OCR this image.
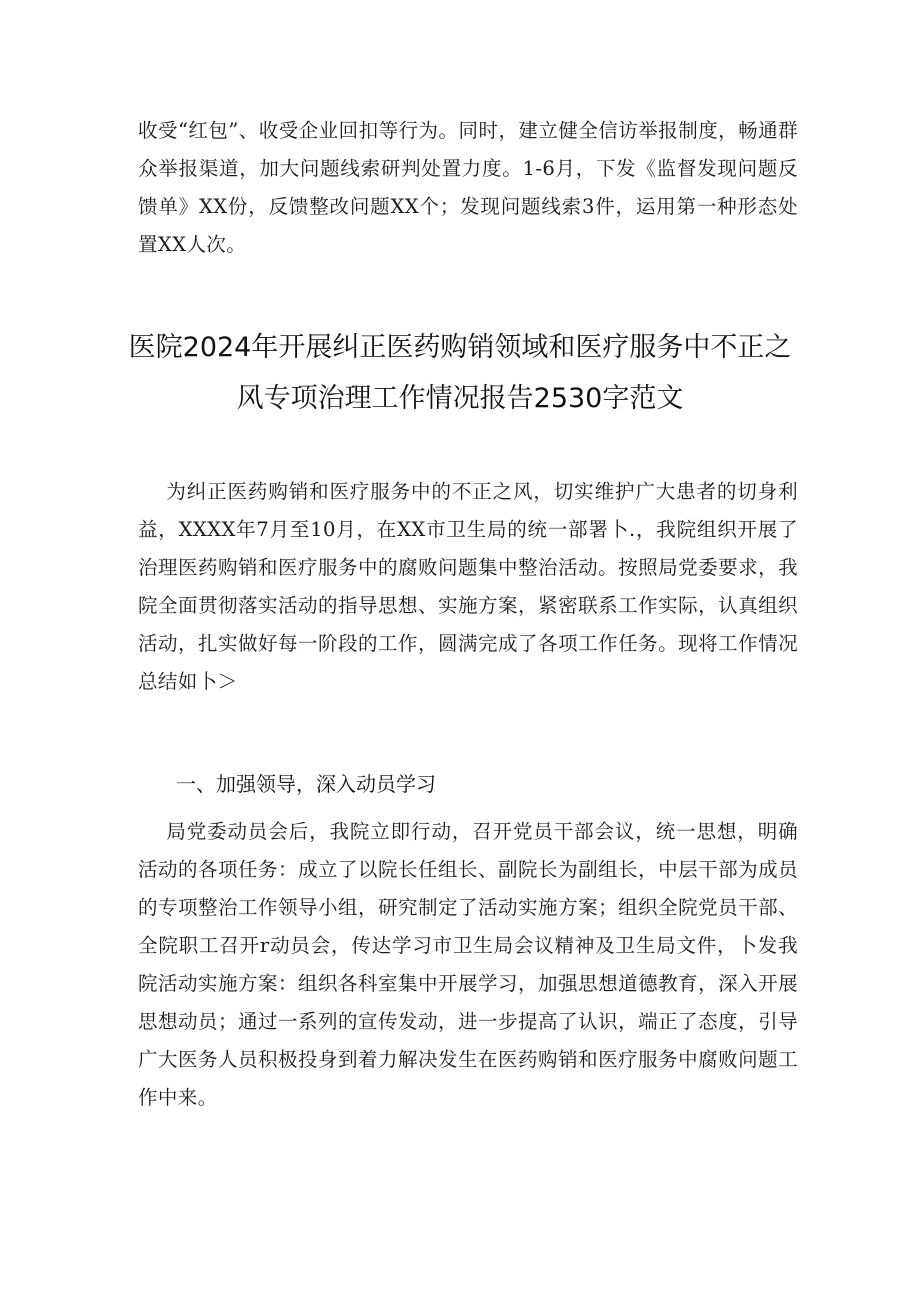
收受“红包”、收受企业回扣等行为。同时，建立健全信访举报制度，畅通群众举报渠道，加大问题线索研判处置力度。1-6月，下发《监督发现问题反馈单》XX份，反馈整改问题XX个；发现问题线索3件，运用第一种形态处置XX人次。

医院2024年开展纠正医药购销领域和医疗服务中不正之风专项治理工作情况报告2530字范文

为纠正医药购销和医疗服务中的不正之风，切实维护广大患者的切身利益，XXXX年7月至10月，在XX市卫生局的统一部署卜.，我院组织开展了治理医药购销和医疗服务中的腐败问题集中整治活动。按照局党委要求，我院全面贯彻落实活动的指导思想、实施方案，紧密联系工作实际，认真组织活动，扎实做好每一阶段的工作，圆满完成了各项工作任务。现将工作情况总结如卜＞

一、加强领导，深入动员学习

局党委动员会后，我院立即行动，召开党员干部会议，统一思想，明确活动的各项任务：成立了以院长任组长、副院长为副组长，中层干部为成员的专项整治工作领导小组，研究制定了活动实施方案；组织全院党员干部、全院职工召开r动员会，传达学习市卫生局会议精神及卫生局文件，卜发我院活动实施方案：组织各科室集中开展学习，加强思想道德教育，深入开展思想动员；通过一系列的宣传发动，进一步提高了认识，端正了态度，引导广大医务人员积极投身到着力解决发生在医药购销和医疗服务中腐败问题工作中来。
